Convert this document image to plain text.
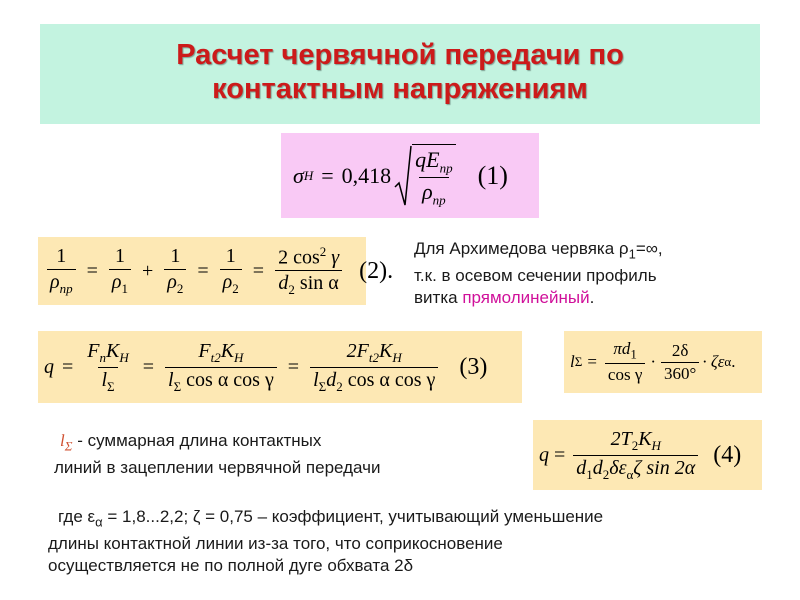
Расчет червячной передачи по
контактным напряжениям
σ H = 0,418
$qE_{пр}$
$\rho_{пр}$
(1)
1
$\rho_{пр}$
= $\frac{1}{\rho_1} + \frac{1}{\rho_2} = \frac{1}{\rho_2} = \frac{2 \cos^2 \gamma}{d_2 \sin \alpha} (2)$.
Для Архимедова червяка $\rho_1=\infty$,
т.к. в осевом сечении профиль
витка прямолинейный.
q =
$F_nK_H$
$l_\Sigma$
= $\frac{F_{t2}K_H}{l_\Sigma \cos \alpha \cos \gamma}$ =
$2F_{t2}K_H$
$l_\Sigma d_2$ cos α cos γ (3)	l $\Sigma = \frac{\pi d_1}{\text{cos γ}}$ ·
2δ
360°
· ζε α .
$l_\Sigma$ - суммарная длина контактных
линий в зацеплении червячной передачи
q =
$2T_2K_H$
$d_1d_2\delta\varepsilon_\alpha\zeta$ sin 2α (4)
где $\varepsilon_\alpha = 1,8...2,2$; ζ = 0,75 – коэффициент, учитывающий уменьшение
длины контактной линии из-за того, что соприкосновение
осуществляется не по полной дуге обхвата 2δ
